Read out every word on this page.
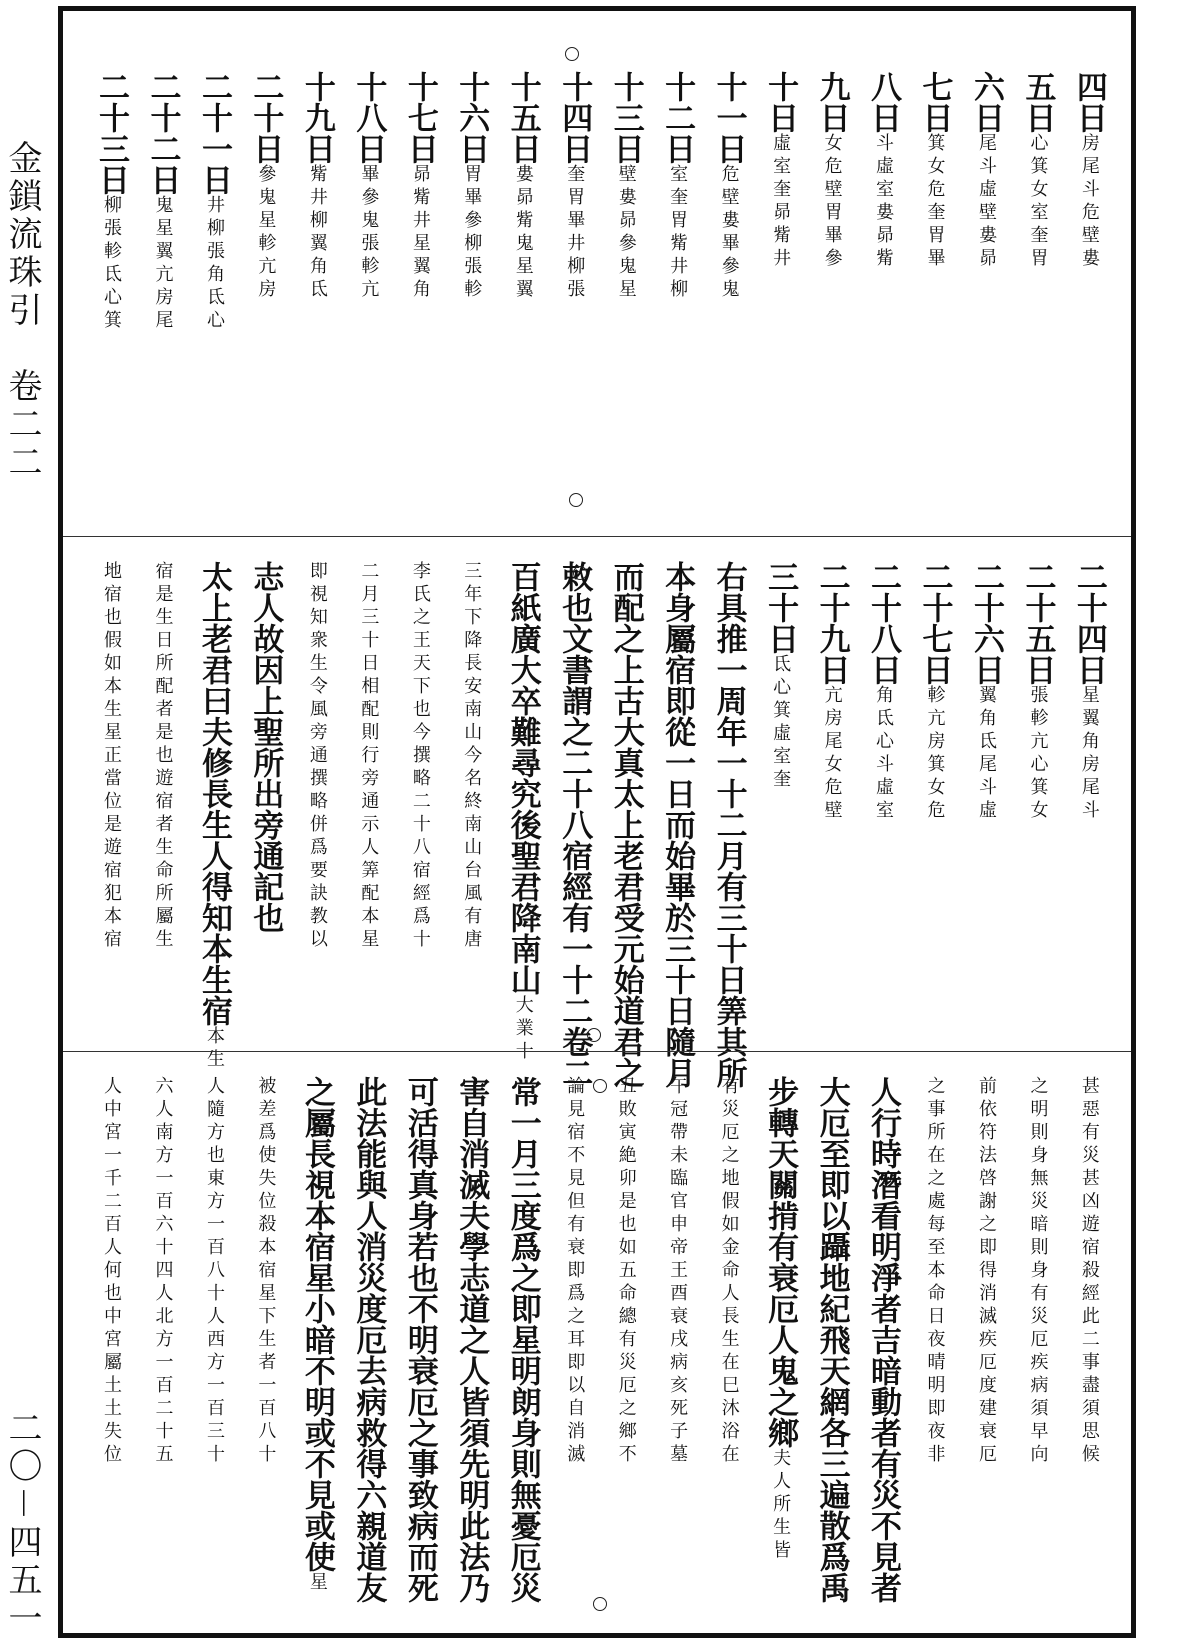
金鎖流珠引　卷二二
二〇－四五一
四日
房尾斗危壁婁
五日
心箕女室奎胃
六日
尾斗虛壁婁昴
七日
箕女危奎胃畢
八日
斗虛室婁昴觜
九日
女危壁胃畢參
十日
虛室奎昴觜井
十一日
危壁婁畢參鬼
十二日
室奎胃觜井柳
十三日
壁婁昴參鬼星
十四日
奎胃畢井柳張
十五日
婁昴觜鬼星翼
十六日
胃畢參柳張軫
十七日
昴觜井星翼角
十八日
畢參鬼張軫亢
十九日
觜井柳翼角氐
二十日
參鬼星軫亢房
二十一日
井柳張角氐心
二十二日
鬼星翼亢房尾
二十三日
柳張軫氐心箕
二十四日
星翼角房尾斗
二十五日
張軫亢心箕女
二十六日
翼角氐尾斗虛
二十七日
軫亢房箕女危
二十八日
角氐心斗虛室
二十九日
亢房尾女危壁
三十日
氐心箕虛室奎
右具推一周年一十二月有三十日筭其所
本身屬宿即從一日而始畢於三十日隨月
而配之上古大真太上老君受元始道君之
敕也文書謂之二十八宿經有一十二卷二
百紙廣大卒難尋究後聖君降南山
大業十
三年下降長安南山今名終南山台風有唐
李氏之王天下也今撰略二十八宿經爲十
二月三十日相配則行旁通示人筭配本星
即視知衆生令風旁通撰略併爲要訣教以
志人故因上聖所出旁通記也
太上老君曰夫修長生人得知本生宿
本生
宿是生日所配者是也遊宿者生命所屬生
地宿也假如本生星正當位是遊宿犯本宿
甚惡有災甚凶遊宿殺經此二事盡須思候
之明則身無災暗則身有災厄疾病須早向
前依符法啓謝之即得消滅疾厄度建衰厄
之事所在之處每至本命日夜晴明即夜非
人行時潛看明淨者吉暗動者有災不見者
大厄至即以躡地紀飛天網各三遍散爲禹
步轉天關掯有衰厄人鬼之鄉
夫人所生皆
有災厄之地假如金命人長生在巳沐浴在
午冠帶未臨官申帝王酉衰戌病亥死子墓
丑敗寅絶卯是也如五命總有災厄之鄉不
論見宿不見但有衰即爲之耳即以自消滅
常一月三度爲之即星明朗身則無憂厄災
害自消滅夫學志道之人皆須先明此法乃
可活得真身若也不明衰厄之事致病而死
此法能與人消災度厄去病救得六親道友
之屬長視本宿星小暗不明或不見或使
星
被差爲使失位殺本宿星下生者一百八十
人隨方也東方一百八十人西方一百三十
六人南方一百六十四人北方一百二十五
人中宮一千二百人何也中宮屬土土失位
